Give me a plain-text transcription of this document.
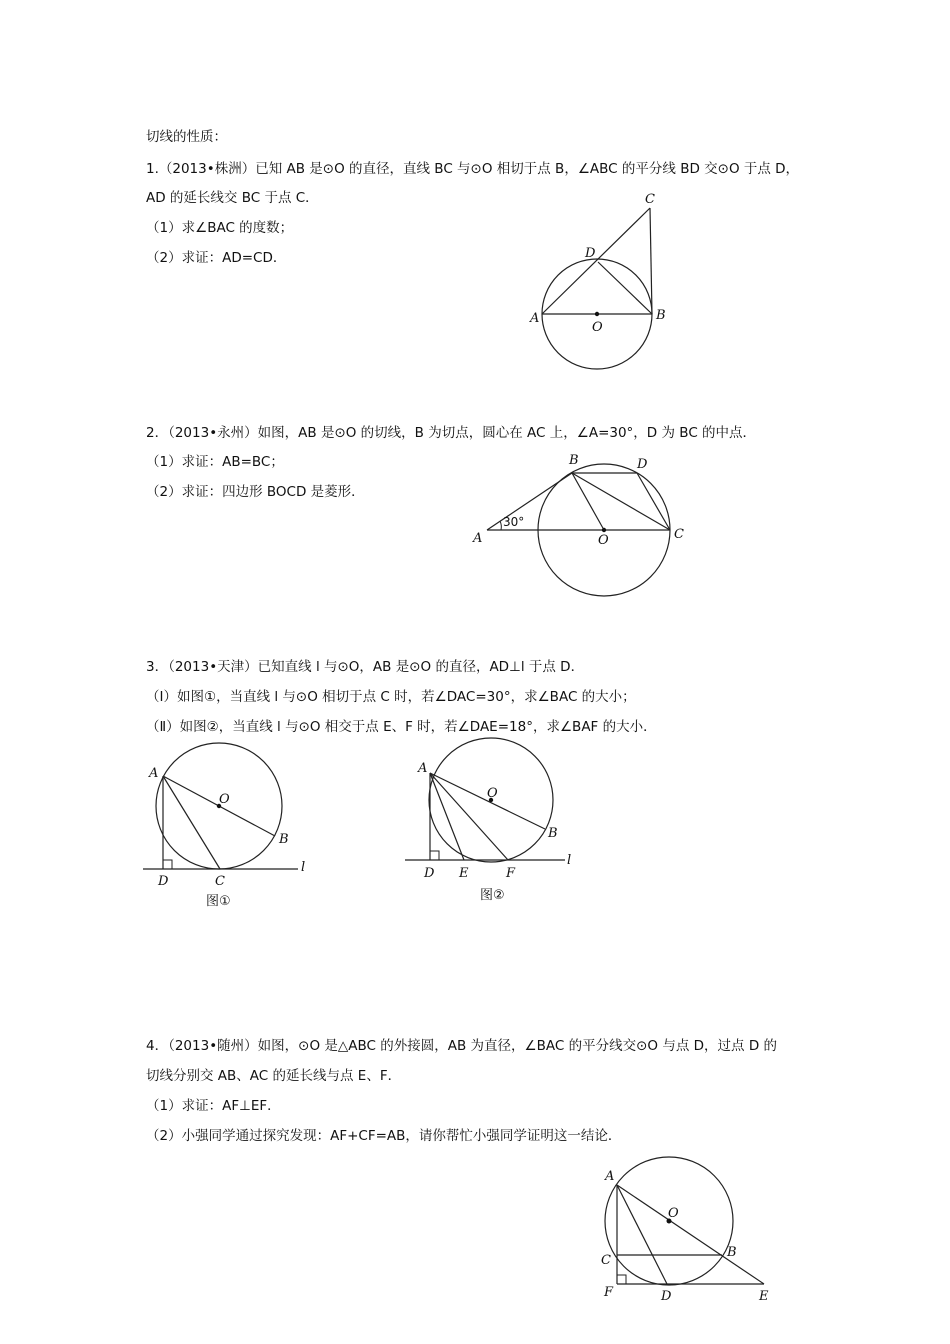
切线的性质：
1.（2013•株洲）已知 AB 是⊙O 的直径，直线 BC 与⊙O 相切于点 B，∠ABC 的平分线 BD 交⊙O 于点 D，
AD 的延长线交 BC 于点 C．
（1）求∠BAC 的度数；
（2）求证：AD=CD．
A	B
C
D
O
2．（2013•永州）如图，AB 是⊙O 的切线，B 为切点，圆心在 AC 上，∠A=30°，D 为 BC 的中点．
（1）求证：AB=BC；
（2）求证：四边形 BOCD 是菱形．
A
B
C
D
O
30°
3．（2013•天津）已知直线 l 与⊙O，AB 是⊙O 的直径，AD⊥l 于点 D．
（Ⅰ）如图①，当直线 l 与⊙O 相切于点 C 时，若∠DAC=30°，求∠BAC 的大小；
（Ⅱ）如图②，当直线 l 与⊙O 相交于点 E、F 时，若∠DAE=18°，求∠BAF 的大小．
A
B
C
D
O
l
图①
A
B
D E	F
O
l
图②
4．（2013•随州）如图，⊙O 是△ABC 的外接圆，AB 为直径，∠BAC 的平分线交⊙O 与点 D，过点 D 的
切线分别交 AB、AC 的延长线与点 E、F．
（1）求证：AF⊥EF．
（2）小强同学通过探究发现：AF+CF=AB，请你帮忙小强同学证明这一结论．
A
B
C
D	E
F
O
